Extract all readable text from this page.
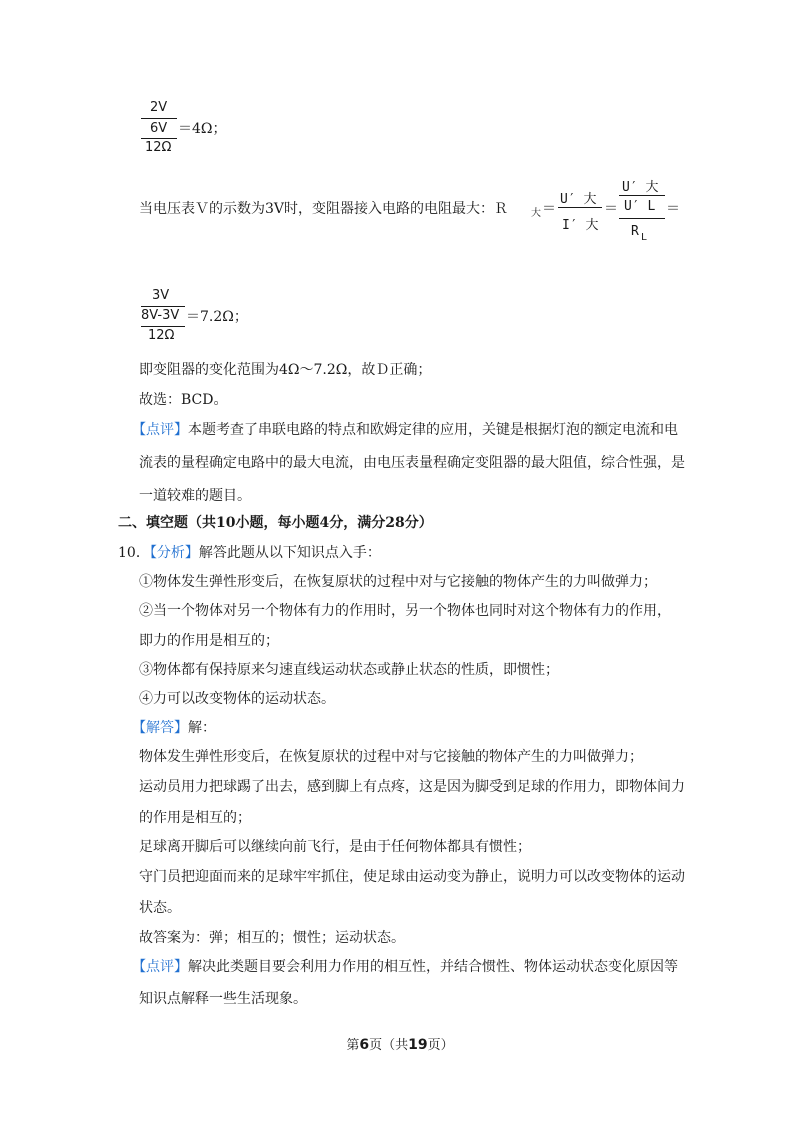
2V
6V
12Ω
＝4Ω；
当电压表Ｖ的示数为3V时，变阻器接入电路的电阻最大：Ｒ 大 ＝
U′ 大
I′ 大
＝
U′ 大
U′ L
R L
＝
3V
8V-3V
12Ω
＝7.2Ω；
即变阻器的变化范围为4Ω～7.2Ω，故Ｄ正确；
故选：BCD。
【点评】本题考查了串联电路的特点和欧姆定律的应用，关键是根据灯泡的额定电流和电
流表的量程确定电路中的最大电流，由电压表量程确定变阻器的最大阻值，综合性强，是
一道较难的题目。
二、填空题（共10小题，每小题4分，满分28分）
10．【分析】解答此题从以下知识点入手：
①物体发生弹性形变后，在恢复原状的过程中对与它接触的物体产生的力叫做弹力；
②当一个物体对另一个物体有力的作用时，另一个物体也同时对这个物体有力的作用，
即力的作用是相互的；
③物体都有保持原来匀速直线运动状态或静止状态的性质，即惯性；
④力可以改变物体的运动状态。
【解答】解：
物体发生弹性形变后，在恢复原状的过程中对与它接触的物体产生的力叫做弹力；
运动员用力把球踢了出去，感到脚上有点疼，这是因为脚受到足球的作用力，即物体间力
的作用是相互的；
足球离开脚后可以继续向前飞行，是由于任何物体都具有惯性；
守门员把迎面而来的足球牢牢抓住，使足球由运动变为静止，说明力可以改变物体的运动
状态。
故答案为：弹；相互的；惯性；运动状态。
【点评】解决此类题目要会利用力作用的相互性，并结合惯性、物体运动状态变化原因等
知识点解释一些生活现象。
第6页（共19页）
